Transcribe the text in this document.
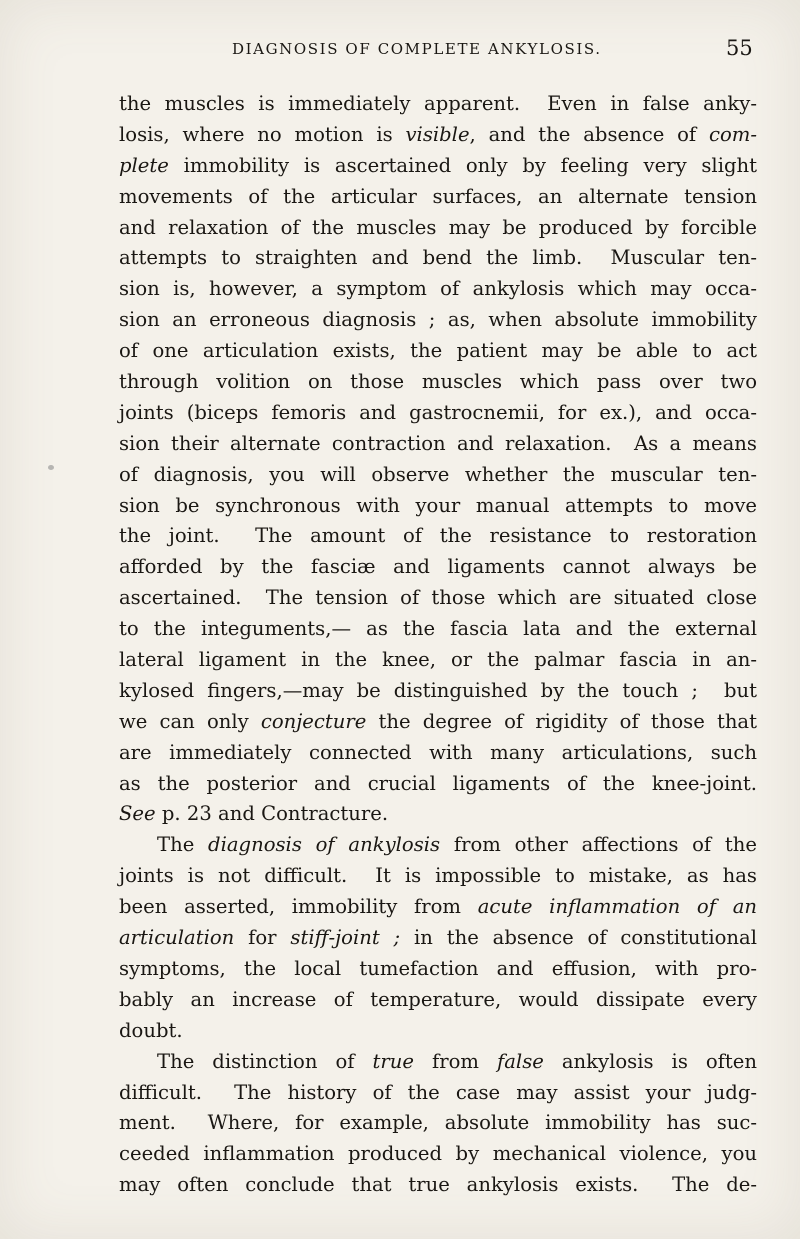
DIAGNOSIS OF COMPLETE ANKYLOSIS.	55
the muscles is immediately apparent.  Even in false anky-
losis, where no motion is visible, and the absence of com-
plete immobility is ascertained only by feeling very slight
movements of the articular surfaces, an alternate tension
and relaxation of the muscles may be produced by forcible
attempts to straighten and bend the limb.  Muscular ten-
sion is, however, a symptom of ankylosis which may occa-
sion an erroneous diagnosis ; as, when absolute immobility
of one articulation exists, the patient may be able to act
through volition on those muscles which pass over two
joints (biceps femoris and gastrocnemii, for ex.), and occa-
sion their alternate contraction and relaxation.  As a means
of diagnosis, you will observe whether the muscular ten-
sion be synchronous with your manual attempts to move
the joint.  The amount of the resistance to restoration
afforded by the fasciæ and ligaments cannot always be
ascertained.  The tension of those which are situated close
to the integuments,— as the fascia lata and the external
lateral ligament in the knee, or the palmar fascia in an-
kylosed fingers,—may be distinguished by the touch ;  but
we can only conjecture the degree of rigidity of those that
are immediately connected with many articulations, such
as the posterior and crucial ligaments of the knee-joint.
See p. 23 and Contracture.
The diagnosis of ankylosis from other affections of the
joints is not difficult.  It is impossible to mistake, as has
been asserted, immobility from acute inflammation of an
articulation for stiff-joint ; in the absence of constitutional
symptoms, the local tumefaction and effusion, with pro-
bably an increase of temperature, would dissipate every
doubt.
The distinction of true from false ankylosis is often
difficult.  The history of the case may assist your judg-
ment.  Where, for example, absolute immobility has suc-
ceeded inflammation produced by mechanical violence, you
may often conclude that true ankylosis exists.  The de-
